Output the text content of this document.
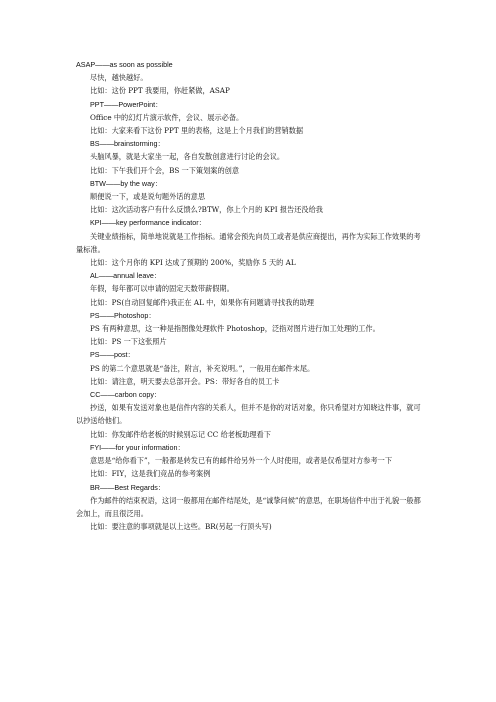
ASAP——as soon as possible
尽快，越快越好。
比如：这份 PPT 我要用，你赶紧做，ASAP
PPT——PowerPoint：
Office 中的幻灯片演示软件，会议、展示必备。
比如：大家来看下这份 PPT 里的表格，这是上个月我们的营销数据
BS——brainstorming：
头脑风暴，就是大家坐一起，各自发散创意进行讨论的会议。
比如：下午我们开个会，BS 一下策划案的创意
BTW——by the way：
顺便说一下，或是说句题外话的意思
比如：这次活动客户有什么反馈么?BTW，你上个月的 KPI 报告还没给我
KPI——key performance indicator：
关键业绩指标，简单地说就是工作指标。通常会预先向员工或者是供应商提出，再作为实际工作效果的考量标准。
比如：这个月你的 KPI 达成了预期的 200%，奖励你 5 天的 AL
AL——annual leave：
年假，每年都可以申请的固定天数带薪假期。
比如：PS(自动回复邮件)我正在 AL 中，如果你有问题请寻找我的助理
PS——Photoshop：
PS 有两种意思，这一种是指图像处理软件 Photoshop，泛指对图片进行加工处理的工作。
比如：PS 一下这张照片
PS——post：
PS 的第二个意思就是“备注，附言，补充说明。”，一般用在邮件末尾。
比如：请注意，明天要去总部开会。PS：带好各自的员工卡
CC——carbon copy：
抄送，如果有发送对象也是信件内容的关系人，但并不是你的对话对象，你只希望对方知晓这件事，就可以抄送给他们。
比如：你发邮件给老板的时候别忘记 CC 给老板助理看下
FYI——for your information：
意思是“给你看下”，一般都是转发已有的邮件给另外一个人时使用，或者是仅希望对方参考一下
比如：FIY，这是我们竞品的参考案例
BR——Best Regards：
作为邮件的结束祝语，这词一般都用在邮件结尾处，是“诚挚问候”的意思，在职场信件中出于礼貌一般都会加上，而且很泛用。
比如：要注意的事项就是以上这些。BR(另起一行顶头写)
